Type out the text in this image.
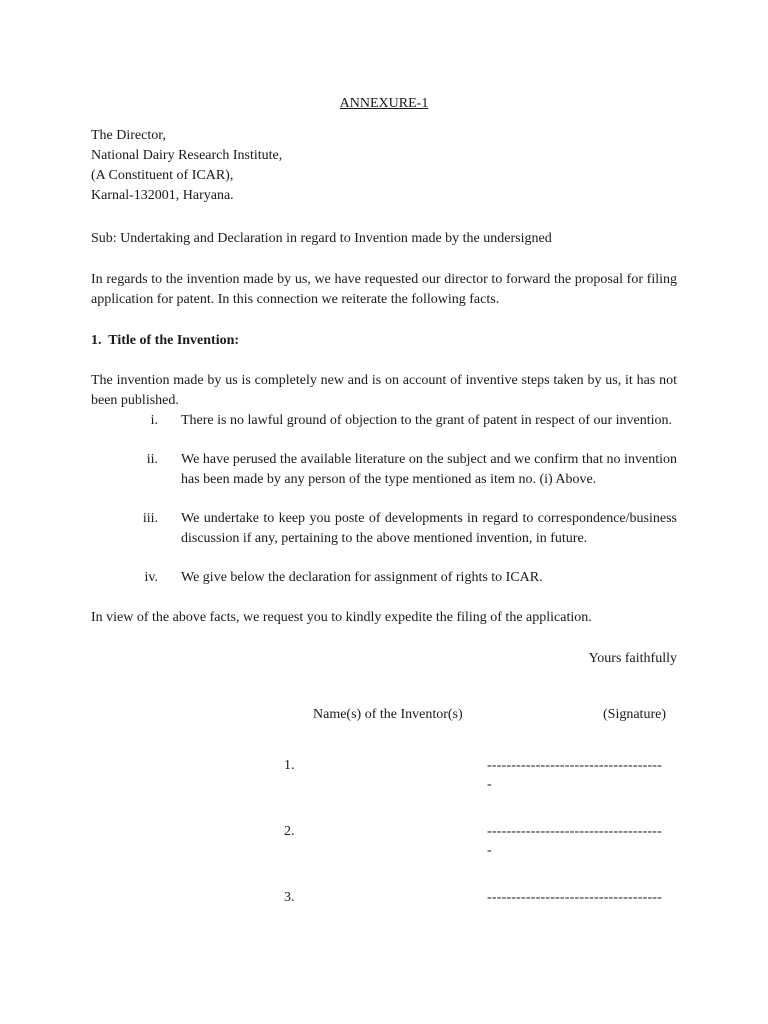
ANNEXURE-1
The Director,
National Dairy Research Institute,
(A Constituent of ICAR),
Karnal-132001, Haryana.
Sub: Undertaking and Declaration in regard to Invention made by the undersigned
In regards to the invention made by us, we have requested our director to forward the proposal for filing application for patent. In this connection we reiterate the following facts.
1. Title of the Invention:
The invention made by us is completely new and is on account of inventive steps taken by us, it has not been published.
i. There is no lawful ground of objection to the grant of patent in respect of our invention.
ii. We have perused the available literature on the subject and we confirm that no invention has been made by any person of the type mentioned as item no. (i) Above.
iii. We undertake to keep you poste of developments in regard to correspondence/business discussion if any, pertaining to the above mentioned invention, in future.
iv. We give below the declaration for assignment of rights to ICAR.
In view of the above facts, we request you to kindly expedite the filing of the application.
Yours faithfully
Name(s) of the Inventor(s)	(Signature)
1.	------------------------------------
-
2.	------------------------------------
-
3.	------------------------------------
